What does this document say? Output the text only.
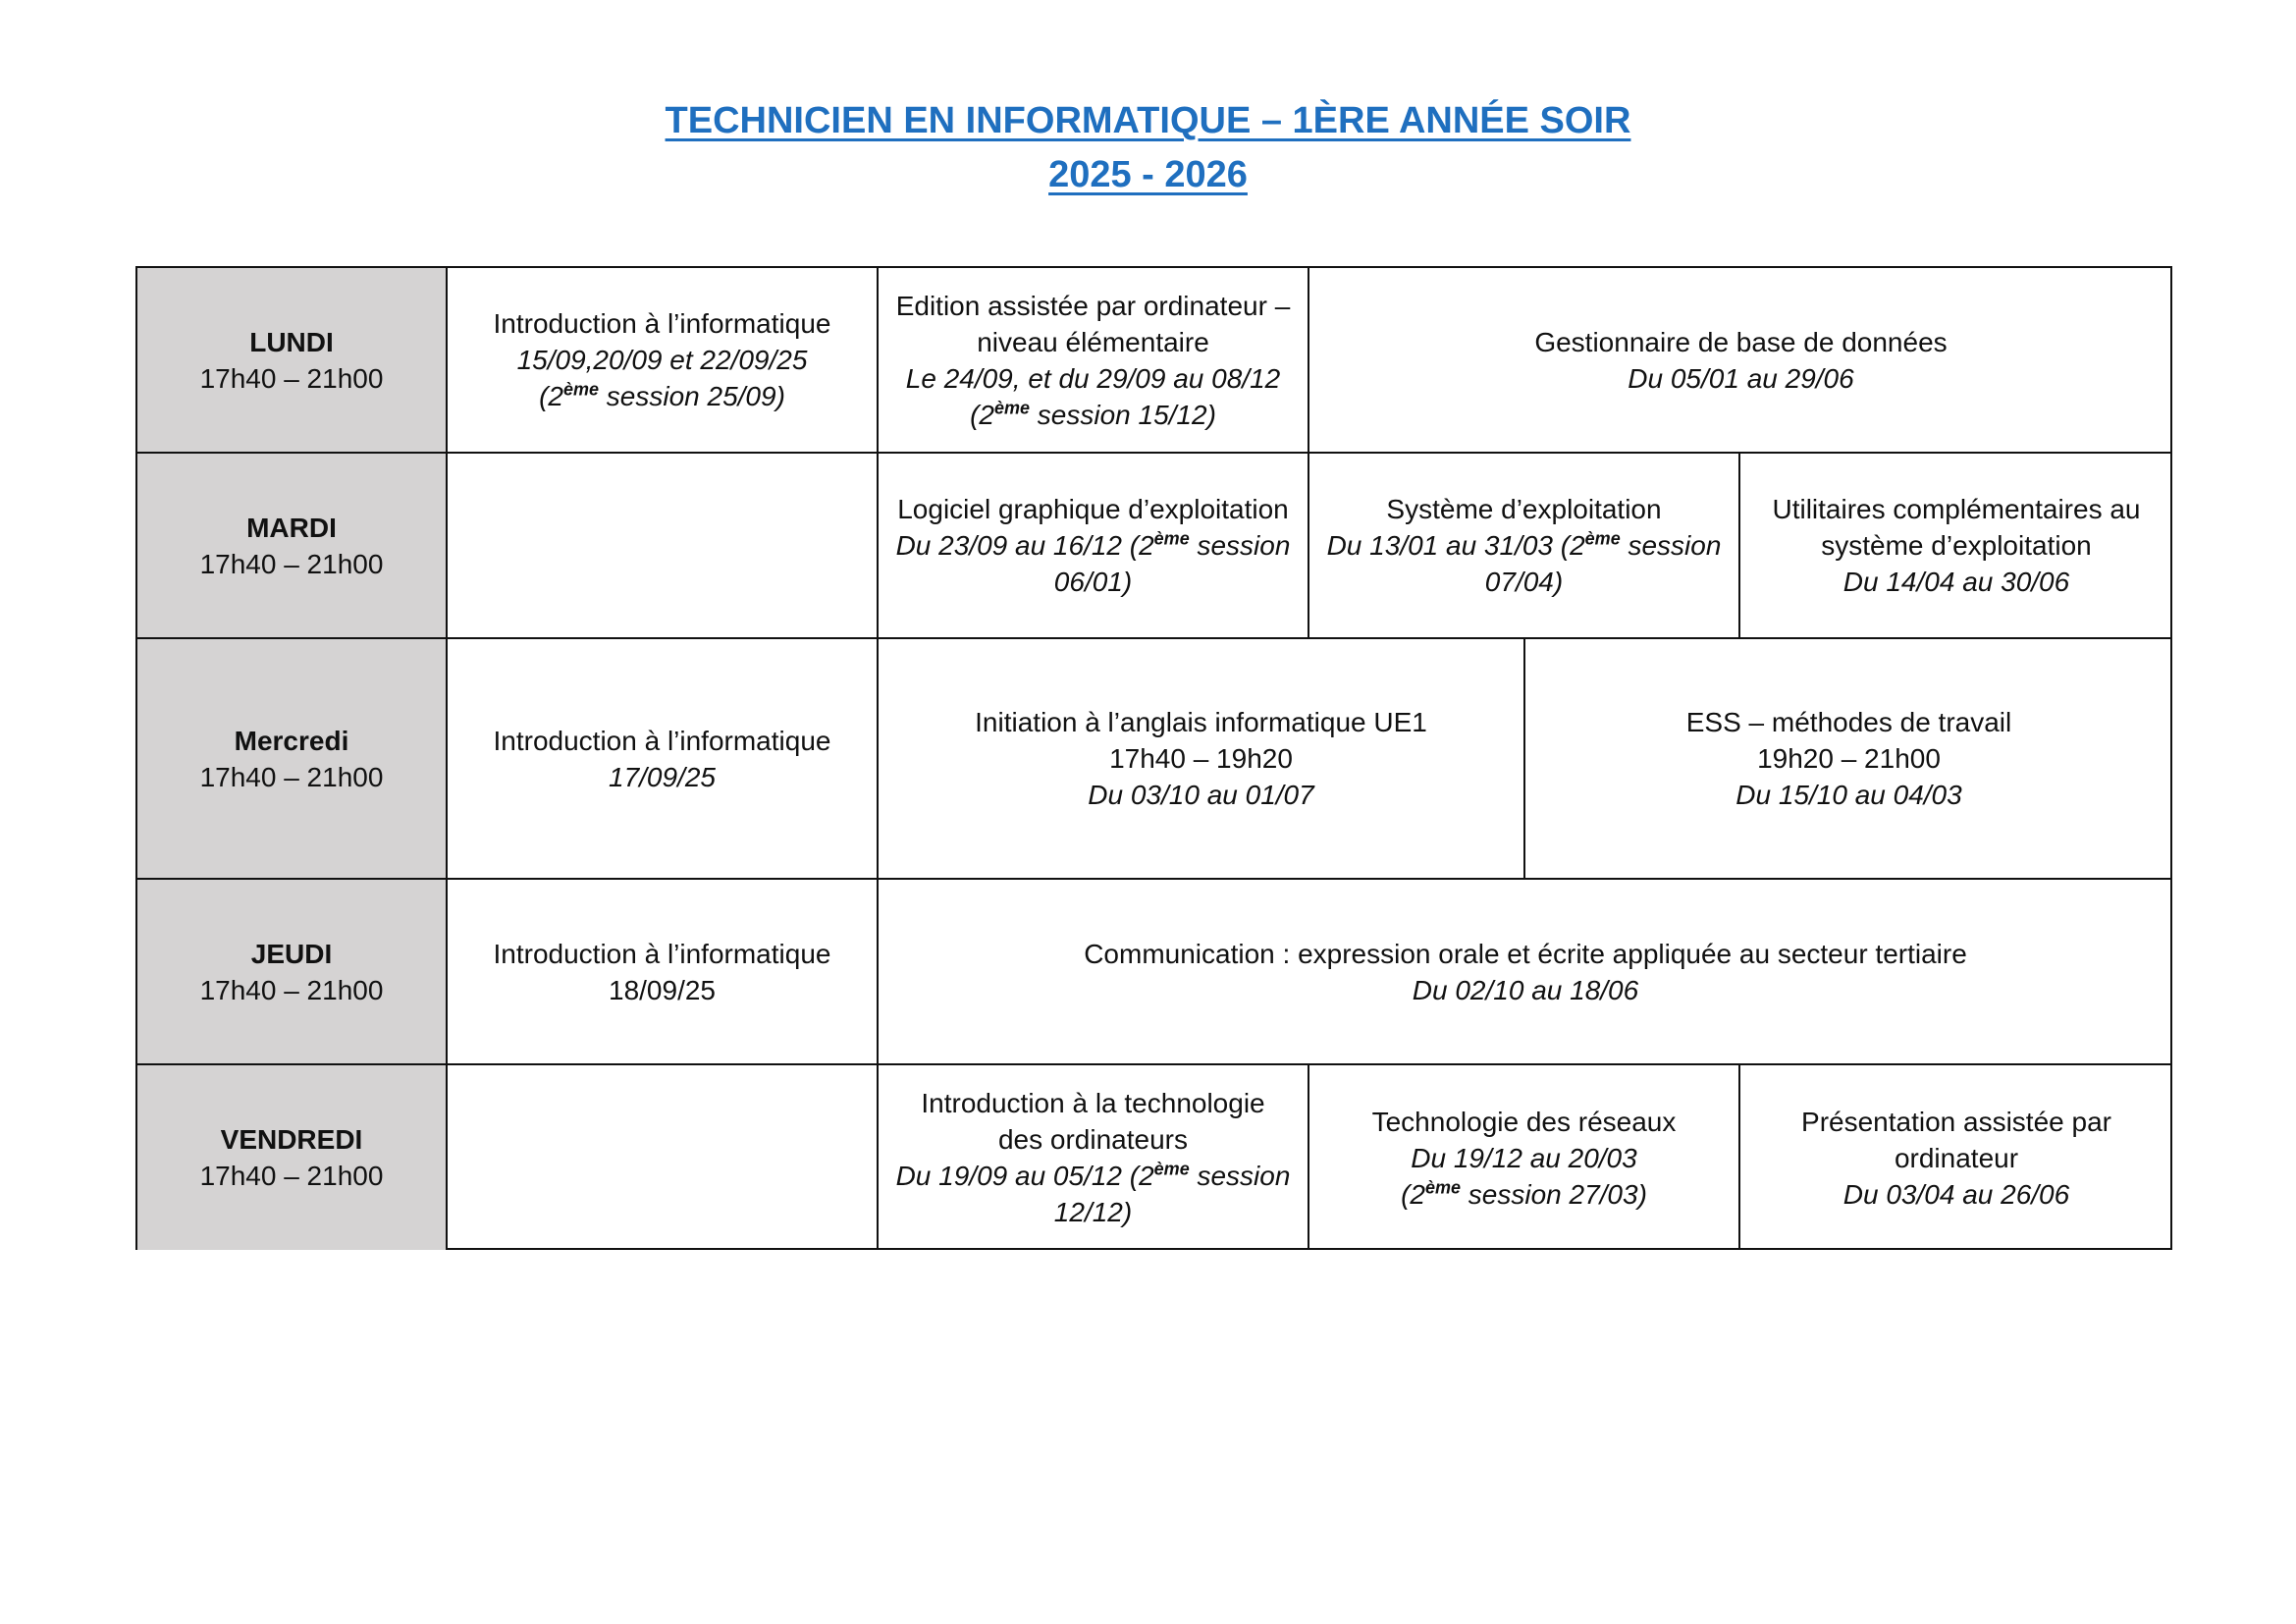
TECHNICIEN EN INFORMATIQUE – 1ÈRE ANNÉE SOIR
2025 - 2026
LUNDI
17h40 – 21h00
Introduction à l’informatique
15/09,20/09 et 22/09/25
(2ème session 25/09)
Edition assistée par ordinateur –
niveau élémentaire
Le 24/09, et du 29/09 au 08/12
(2ème session 15/12)
Gestionnaire de base de données
Du 05/01 au 29/06
MARDI
17h40 – 21h00
Logiciel graphique d’exploitation
Du 23/09 au 16/12 (2ème session
06/01)
Système d’exploitation
Du 13/01 au 31/03 (2ème session
07/04)
Utilitaires complémentaires au
système d’exploitation
Du 14/04 au 30/06
Mercredi
17h40 – 21h00
Introduction à l’informatique
17/09/25
Initiation à l’anglais informatique UE1
17h40 – 19h20
Du 03/10 au 01/07
ESS – méthodes de travail
19h20 – 21h00
Du 15/10 au 04/03
JEUDI
17h40 – 21h00
Introduction à l’informatique
18/09/25
Communication : expression orale et écrite appliquée au secteur tertiaire
Du 02/10 au 18/06
VENDREDI
17h40 – 21h00
Introduction à la technologie
des ordinateurs
Du 19/09 au 05/12 (2ème session
12/12)
Technologie des réseaux
Du 19/12 au 20/03
(2ème session 27/03)
Présentation assistée par
ordinateur
Du 03/04 au 26/06
